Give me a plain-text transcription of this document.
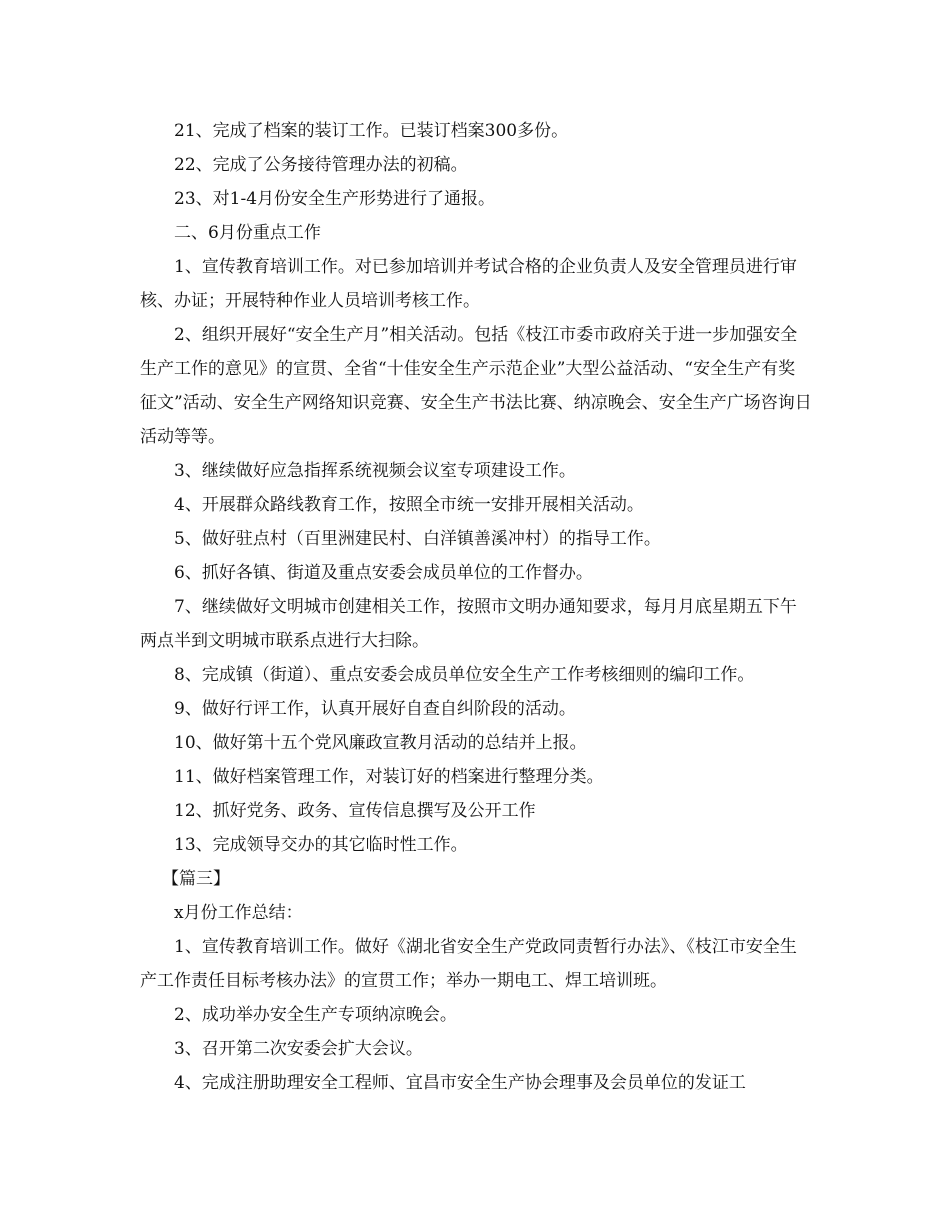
21、完成了档案的装订工作。已装订档案300多份。

22、完成了公务接待管理办法的初稿。

23、对1-4月份安全生产形势进行了通报。

二、6月份重点工作

1、宣传教育培训工作。对已参加培训并考试合格的企业负责人及安全管理员进行审核、办证；开展特种作业人员培训考核工作。

2、组织开展好“安全生产月”相关活动。包括《枝江市委市政府关于进一步加强安全生产工作的意见》的宣贯、全省“十佳安全生产示范企业”大型公益活动、“安全生产有奖征文”活动、安全生产网络知识竞赛、安全生产书法比赛、纳凉晚会、安全生产广场咨询日活动等等。

3、继续做好应急指挥系统视频会议室专项建设工作。

4、开展群众路线教育工作，按照全市统一安排开展相关活动。

5、做好驻点村（百里洲建民村、白洋镇善溪冲村）的指导工作。

6、抓好各镇、街道及重点安委会成员单位的工作督办。

7、继续做好文明城市创建相关工作，按照市文明办通知要求，每月月底星期五下午两点半到文明城市联系点进行大扫除。

8、完成镇（街道）、重点安委会成员单位安全生产工作考核细则的编印工作。

9、做好行评工作，认真开展好自查自纠阶段的活动。

10、做好第十五个党风廉政宣教月活动的总结并上报。

11、做好档案管理工作，对装订好的档案进行整理分类。

12、抓好党务、政务、宣传信息撰写及公开工作

13、完成领导交办的其它临时性工作。

【篇三】

x月份工作总结：

1、宣传教育培训工作。做好《湖北省安全生产党政同责暂行办法》、《枝江市安全生产工作责任目标考核办法》的宣贯工作；举办一期电工、焊工培训班。

2、成功举办安全生产专项纳凉晚会。

3、召开第二次安委会扩大会议。

4、完成注册助理安全工程师、宜昌市安全生产协会理事及会员单位的发证工
